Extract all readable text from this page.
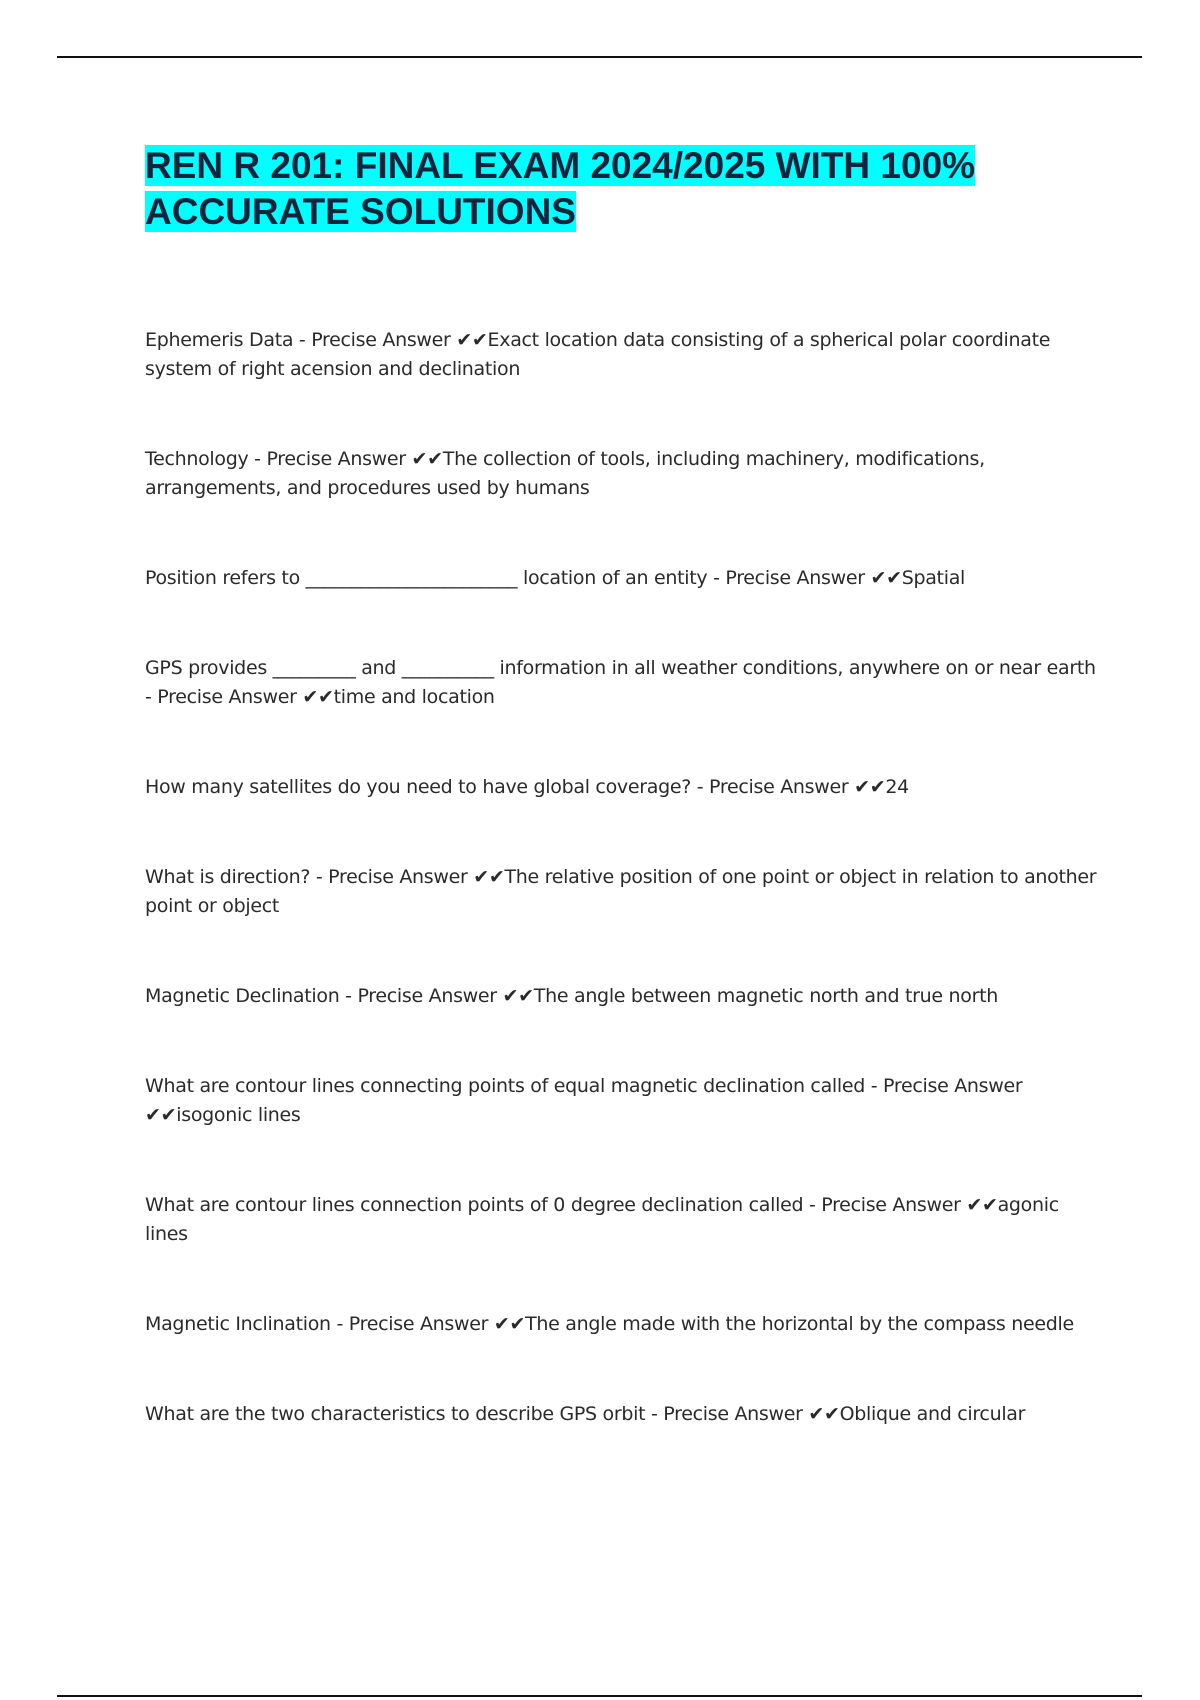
REN R 201: FINAL EXAM 2024/2025 WITH 100% ACCURATE SOLUTIONS

Ephemeris Data - Precise Answer ✔✔Exact location data consisting of a spherical polar coordinate system of right acension and declination

Technology - Precise Answer ✔✔The collection of tools, including machinery, modifications, arrangements, and procedures used by humans

Position refers to _______________________ location of an entity - Precise Answer ✔✔Spatial

GPS provides _________ and __________ information in all weather conditions, anywhere on or near earth - Precise Answer ✔✔time and location

How many satellites do you need to have global coverage? - Precise Answer ✔✔24

What is direction? - Precise Answer ✔✔The relative position of one point or object in relation to another point or object

Magnetic Declination - Precise Answer ✔✔The angle between magnetic north and true north

What are contour lines connecting points of equal magnetic declination called - Precise Answer ✔✔isogonic lines

What are contour lines connection points of 0 degree declination called - Precise Answer ✔✔agonic lines

Magnetic Inclination - Precise Answer ✔✔The angle made with the horizontal by the compass needle

What are the two characteristics to describe GPS orbit - Precise Answer ✔✔Oblique and circular
